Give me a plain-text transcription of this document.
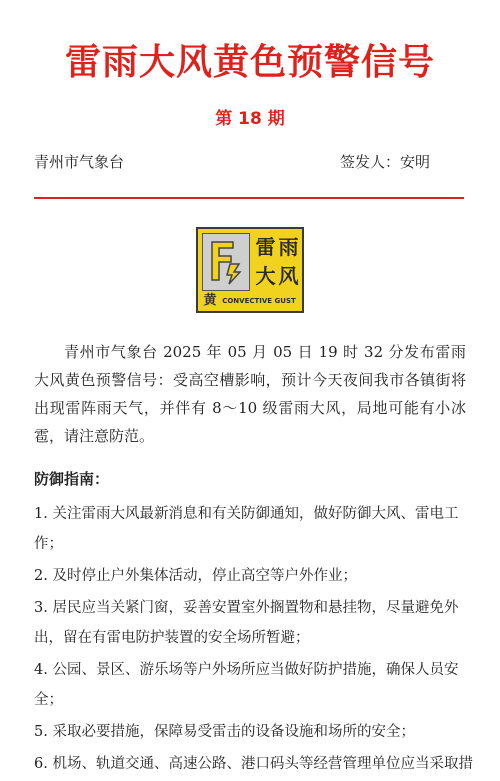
雷雨大风黄色预警信号
第 18 期
青州市气象台	签发人：安明
雷 雨
大 风
黄 CONVECTIVE GUST
青州市气象台 2025 年 05 月 05 日 19 时 32 分发布雷雨大风黄色预警信号：受高空槽影响，预计今天夜间我市各镇街将出现雷阵雨天气，并伴有 8～10 级雷雨大风，局地可能有小冰雹，请注意防范。
防御指南：
1. 关注雷雨大风最新消息和有关防御通知，做好防御大风、雷电工作；
2. 及时停止户外集体活动，停止高空等户外作业；
3. 居民应当关紧门窗，妥善安置室外搁置物和悬挂物，尽量避免外出，留在有雷电防护装置的安全场所暂避；
4. 公园、景区、游乐场等户外场所应当做好防护措施，确保人员安全；
5. 采取必要措施，保障易受雷击的设备设施和场所的安全；
6. 机场、轨道交通、高速公路、港口码头等经营管理单位应当采取措
